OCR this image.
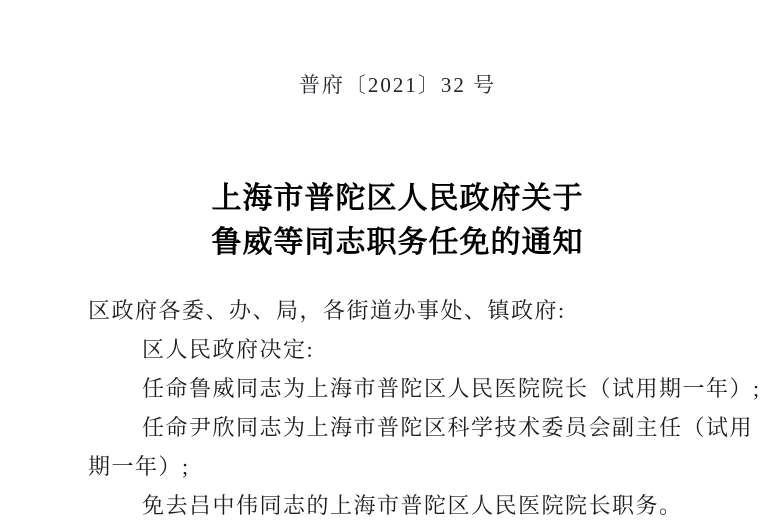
普府〔2021〕32 号
上海市普陀区人民政府关于
鲁威等同志职务任免的通知
区政府各委、办、局，各街道办事处、镇政府:
区人民政府决定:
任命鲁威同志为上海市普陀区人民医院院长（试用期一年）;
任命尹欣同志为上海市普陀区科学技术委员会副主任（试用
期一年）;
免去吕中伟同志的上海市普陀区人民医院院长职务。
